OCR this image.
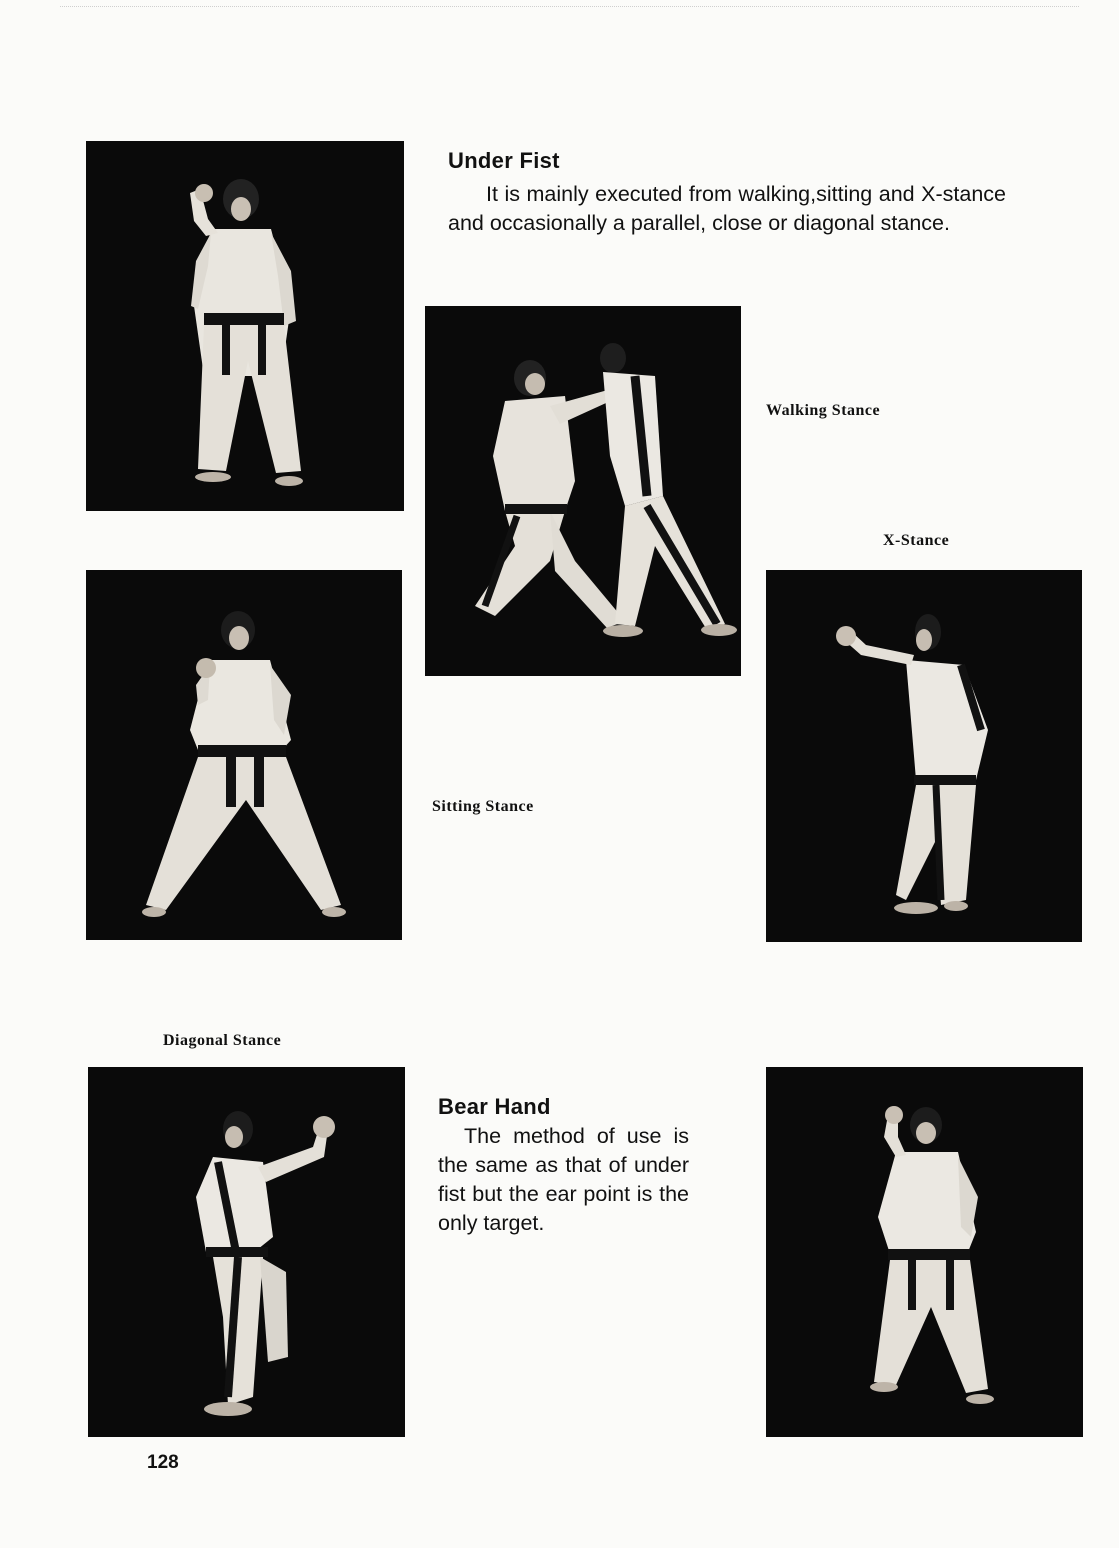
Under Fist
It is mainly executed from walking,sitting and X-stance and occasionally a parallel, close or diagonal stance.
Walking Stance
X-Stance
Sitting Stance
Diagonal Stance
Bear Hand
The method of use is the same as that of under fist but the ear point is the only target.
128
